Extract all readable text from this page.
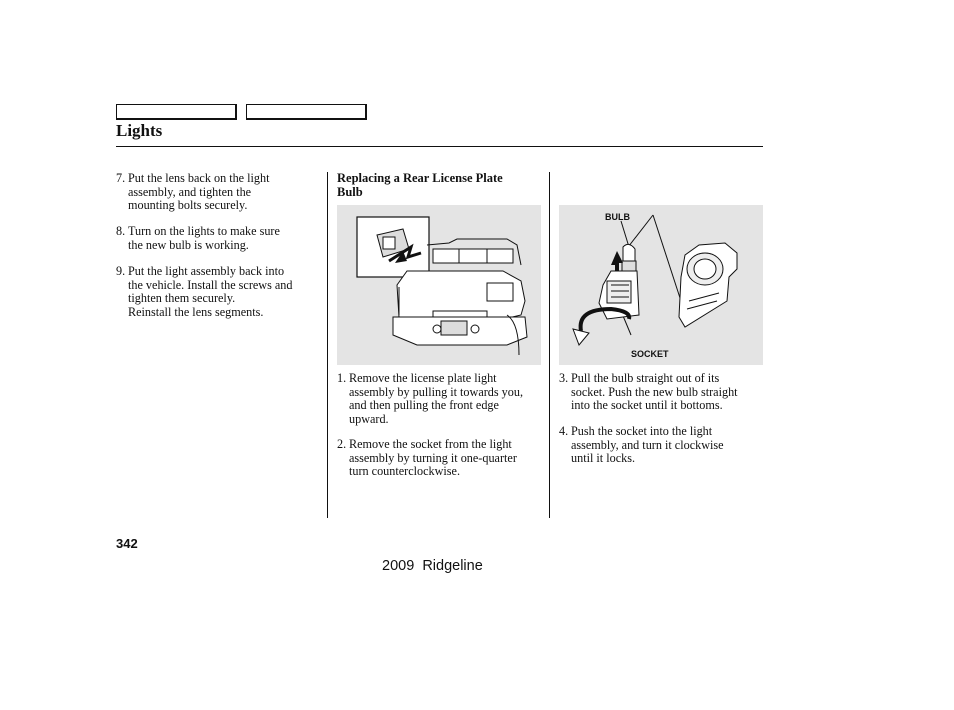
Lights
7. Put the lens back on the light
assembly, and tighten the
mounting bolts securely.
8. Turn on the lights to make sure
the new bulb is working.
9. Put the light assembly back into
the vehicle. Install the screws and
tighten them securely.
Reinstall the lens segments.
Replacing a Rear License Plate
Bulb
BULB
SOCKET
1. Remove the license plate light
assembly by pulling it towards you,
and then pulling the front edge
upward.
2. Remove the socket from the light
assembly by turning it one-quarter
turn counterclockwise.
3. Pull the bulb straight out of its
socket. Push the new bulb straight
into the socket until it bottoms.
4. Push the socket into the light
assembly, and turn it clockwise
until it locks.
342
2009  Ridgeline
